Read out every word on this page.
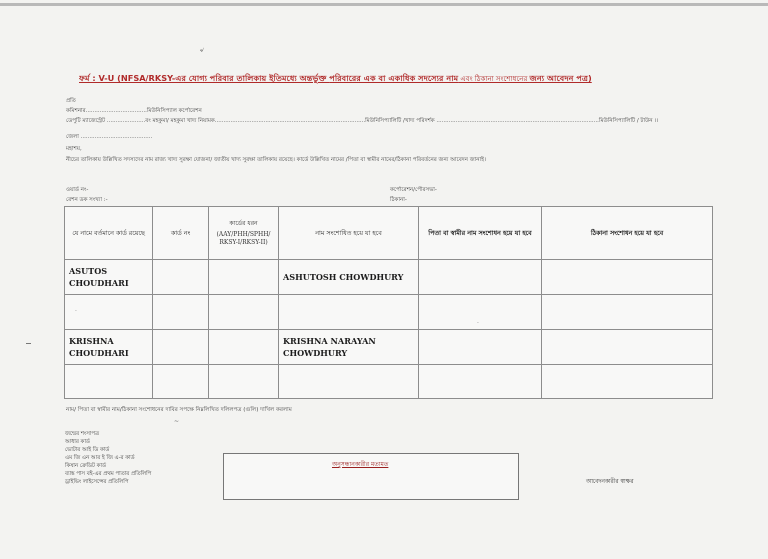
৵
ফর্ম : V-U (NFSA/RKSY-এর যোগ্য পরিবার তালিকায় ইতিমধ্যে অন্তর্ভুক্ত পরিবারের এক বা একাধিক সদস্যের নাম এবং ঠিকানা সংশোধনের জন্য আবেদন পত্র)
প্রতি
কমিশনার...................................মিউনিসিপ্যাল কর্পোরেশন
ডেপুটি ম্যাজেস্ট্রেট ......................বং মহকুমা/ মহকুমা খাদ্য নিয়ামক......................................................................................মিউনিসিপ্যালিটি /খাদ্য পরিদর্শক .............................................................................................মিউনিসিপ্যালিটি / টাউন ।।
জেলা .........................................
মহাশয়,
নীচের তালিকায় উল্লিখিত সদস্যদের নাম রাজ্য খাদ্য সুরক্ষা যোজনা/ জাতীয় খাদ্য সুরক্ষা তালিকায় রয়েছে। কার্ডে উল্লিখিত নামের /পিতা বা স্বামীর নামের/ঠিকানা পরিবর্তনের জন্য আবেদন জানাই।
ওয়ার্ড নং-
রেশন ডক সংখ্যা :-
কর্পোরেশন/পৌরসভা-
ঠিকানা-
যে নামে বর্তমানে কার্ড রয়েছে	কার্ড নং	কার্ডের ধরন
(AAY/PHH/SPHH/ RKSY-I/RKSY-II)	নাম সংশোধিত হয়ে যা হবে	পিতা বা স্বামীর নাম সংশোধন হয়ে যা হবে	ঠিকানা সংশোধন হয়ে যা হবে
ASUTOS CHOUDHARI			ASHUTOSH CHOWDHURY		

KRISHNA CHOUDHARI			KRISHNA NARAYAN CHOWDHURY		

·
·
নাম/ পিতা বা স্বামীর নাম/ঠিকানা সংশোধনের দাবির সপক্ষে নিম্নলিখিত দলিলপত্র (গুলি) দাখিল করলাম
~
জন্মের শংসাপত্র
আধার কার্ড
ভোটার আই ডি কার্ড
এম জি এন আর ই জি এ-র কার্ড
কিষান ক্রেডিট কার্ড
ব্যাঙ্ক পাস বই-এর প্রথম পাতার প্রতিলিপি
ড্রাইভিং লাইসেন্সের প্রতিলিপি
অনুসন্ধানকারীর মতামত
আবেদনকারীর স্বাক্ষর
